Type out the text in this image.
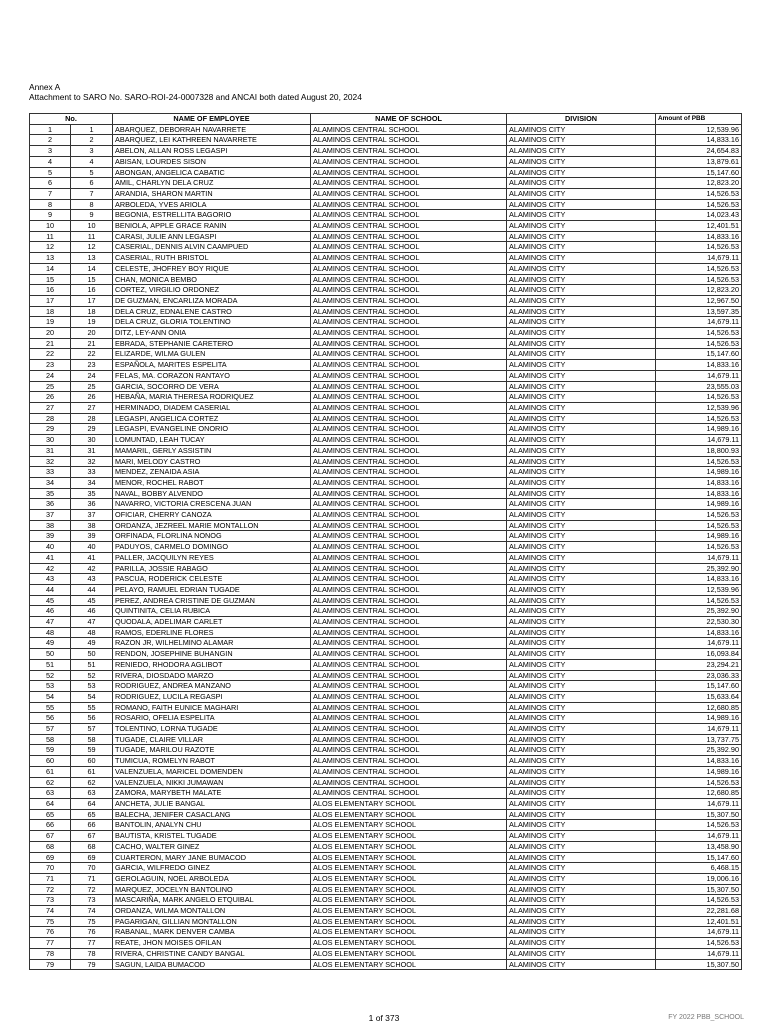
Annex A
Attachment to SARO No. SARO-ROI-24-0007328 and ANCAI both dated August 20, 2024
No.		NAME OF EMPLOYEE	NAME OF SCHOOL	DIVISION	Amount of PBB
1	1	ABARQUEZ, DEBORRAH NAVARRETE	ALAMINOS CENTRAL SCHOOL	ALAMINOS CITY	12,539.96
2	2	ABARQUEZ, LEI KATHREEN NAVARRETE	ALAMINOS CENTRAL SCHOOL	ALAMINOS CITY	14,833.16
3	3	ABELON, ALLAN ROSS LEGASPI	ALAMINOS CENTRAL SCHOOL	ALAMINOS CITY	24,654.83
4	4	ABISAN, LOURDES SISON	ALAMINOS CENTRAL SCHOOL	ALAMINOS CITY	13,879.61
5	5	ABONGAN, ANGELICA CABATIC	ALAMINOS CENTRAL SCHOOL	ALAMINOS CITY	15,147.60
6	6	AMIL, CHARLYN DELA CRUZ	ALAMINOS CENTRAL SCHOOL	ALAMINOS CITY	12,823.20
7	7	ARANDIA, SHARON MARTIN	ALAMINOS CENTRAL SCHOOL	ALAMINOS CITY	14,526.53
8	8	ARBOLEDA, YVES ARIOLA	ALAMINOS CENTRAL SCHOOL	ALAMINOS CITY	14,526.53
9	9	BEGONIA, ESTRELLITA BAGORIO	ALAMINOS CENTRAL SCHOOL	ALAMINOS CITY	14,023.43
10	10	BENIOLA, APPLE GRACE RANIN	ALAMINOS CENTRAL SCHOOL	ALAMINOS CITY	12,401.51
11	11	CARASI, JULIE ANN LEGASPI	ALAMINOS CENTRAL SCHOOL	ALAMINOS CITY	14,833.16
12	12	CASERIAL, DENNIS ALVIN CAAMPUED	ALAMINOS CENTRAL SCHOOL	ALAMINOS CITY	14,526.53
13	13	CASERIAL, RUTH BRISTOL	ALAMINOS CENTRAL SCHOOL	ALAMINOS CITY	14,679.11
14	14	CELESTE, JHOFREY BOY RIQUE	ALAMINOS CENTRAL SCHOOL	ALAMINOS CITY	14,526.53
15	15	CHAN, MONICA BEMBO	ALAMINOS CENTRAL SCHOOL	ALAMINOS CITY	14,526.53
16	16	CORTEZ, VIRGILIO ORDONEZ	ALAMINOS CENTRAL SCHOOL	ALAMINOS CITY	12,823.20
17	17	DE GUZMAN, ENCARLIZA MORADA	ALAMINOS CENTRAL SCHOOL	ALAMINOS CITY	12,967.50
18	18	DELA CRUZ, EDNALENE CASTRO	ALAMINOS CENTRAL SCHOOL	ALAMINOS CITY	13,597.35
19	19	DELA CRUZ, GLORIA TOLENTINO	ALAMINOS CENTRAL SCHOOL	ALAMINOS CITY	14,679.11
20	20	DITZ, LEY-ANN ONIA	ALAMINOS CENTRAL SCHOOL	ALAMINOS CITY	14,526.53
21	21	EBRADA, STEPHANIE CARETERO	ALAMINOS CENTRAL SCHOOL	ALAMINOS CITY	14,526.53
22	22	ELIZARDE, WILMA GULEN	ALAMINOS CENTRAL SCHOOL	ALAMINOS CITY	15,147.60
23	23	ESPAÑOLA, MARITES ESPELITA	ALAMINOS CENTRAL SCHOOL	ALAMINOS CITY	14,833.16
24	24	FELAS, MA. CORAZON RANTAYO	ALAMINOS CENTRAL SCHOOL	ALAMINOS CITY	14,679.11
25	25	GARCIA, SOCORRO DE VERA	ALAMINOS CENTRAL SCHOOL	ALAMINOS CITY	23,555.03
26	26	HEBAÑA, MARIA THERESA RODRIQUEZ	ALAMINOS CENTRAL SCHOOL	ALAMINOS CITY	14,526.53
27	27	HERMINADO, DIADEM CASERIAL	ALAMINOS CENTRAL SCHOOL	ALAMINOS CITY	12,539.96
28	28	LEGASPI, ANGELICA CORTEZ	ALAMINOS CENTRAL SCHOOL	ALAMINOS CITY	14,526.53
29	29	LEGASPI, EVANGELINE ONORIO	ALAMINOS CENTRAL SCHOOL	ALAMINOS CITY	14,989.16
30	30	LOMUNTAD, LEAH TUCAY	ALAMINOS CENTRAL SCHOOL	ALAMINOS CITY	14,679.11
31	31	MAMARIL, GERLY ASSISTIN	ALAMINOS CENTRAL SCHOOL	ALAMINOS CITY	18,800.93
32	32	MARI, MELODY CASTRO	ALAMINOS CENTRAL SCHOOL	ALAMINOS CITY	14,526.53
33	33	MENDEZ, ZENAIDA ASIA	ALAMINOS CENTRAL SCHOOL	ALAMINOS CITY	14,989.16
34	34	MENOR, ROCHEL RABOT	ALAMINOS CENTRAL SCHOOL	ALAMINOS CITY	14,833.16
35	35	NAVAL, BOBBY ALVENDO	ALAMINOS CENTRAL SCHOOL	ALAMINOS CITY	14,833.16
36	36	NAVARRO, VICTORIA CRESCENA JUAN	ALAMINOS CENTRAL SCHOOL	ALAMINOS CITY	14,989.16
37	37	OFICIAR, CHERRY CANOZA	ALAMINOS CENTRAL SCHOOL	ALAMINOS CITY	14,526.53
38	38	ORDANZA, JEZREEL MARIE MONTALLON	ALAMINOS CENTRAL SCHOOL	ALAMINOS CITY	14,526.53
39	39	ORFINADA, FLORLINA NONOG	ALAMINOS CENTRAL SCHOOL	ALAMINOS CITY	14,989.16
40	40	PADUYOS, CARMELO DOMINGO	ALAMINOS CENTRAL SCHOOL	ALAMINOS CITY	14,526.53
41	41	PALLER, JACQUILYN REYES	ALAMINOS CENTRAL SCHOOL	ALAMINOS CITY	14,679.11
42	42	PARILLA, JOSSIE RABAGO	ALAMINOS CENTRAL SCHOOL	ALAMINOS CITY	25,392.90
43	43	PASCUA, RODERICK CELESTE	ALAMINOS CENTRAL SCHOOL	ALAMINOS CITY	14,833.16
44	44	PELAYO, RAMUEL EDRIAN TUGADE	ALAMINOS CENTRAL SCHOOL	ALAMINOS CITY	12,539.96
45	45	PEREZ, ANDREA CRISTINE DE GUZMAN	ALAMINOS CENTRAL SCHOOL	ALAMINOS CITY	14,526.53
46	46	QUINTINITA, CELIA RUBICA	ALAMINOS CENTRAL SCHOOL	ALAMINOS CITY	25,392.90
47	47	QUODALA, ADELIMAR CARLET	ALAMINOS CENTRAL SCHOOL	ALAMINOS CITY	22,530.30
48	48	RAMOS, EDERLINE FLORES	ALAMINOS CENTRAL SCHOOL	ALAMINOS CITY	14,833.16
49	49	RAZON JR, WILHELMINO ALAMAR	ALAMINOS CENTRAL SCHOOL	ALAMINOS CITY	14,679.11
50	50	RENDON, JOSEPHINE BUHANGIN	ALAMINOS CENTRAL SCHOOL	ALAMINOS CITY	16,093.84
51	51	RENIEDO, RHODORA AGLIBOT	ALAMINOS CENTRAL SCHOOL	ALAMINOS CITY	23,294.21
52	52	RIVERA, DIOSDADO MARZO	ALAMINOS CENTRAL SCHOOL	ALAMINOS CITY	23,036.33
53	53	RODRIGUEZ, ANDREA MANZANO	ALAMINOS CENTRAL SCHOOL	ALAMINOS CITY	15,147.60
54	54	RODRIGUEZ, LUCILA REGASPI	ALAMINOS CENTRAL SCHOOL	ALAMINOS CITY	15,633.64
55	55	ROMANO, FAITH EUNICE MAGHARI	ALAMINOS CENTRAL SCHOOL	ALAMINOS CITY	12,680.85
56	56	ROSARIO, OFELIA ESPELITA	ALAMINOS CENTRAL SCHOOL	ALAMINOS CITY	14,989.16
57	57	TOLENTINO, LORNA TUGADE	ALAMINOS CENTRAL SCHOOL	ALAMINOS CITY	14,679.11
58	58	TUGADE, CLAIRE VILLAR	ALAMINOS CENTRAL SCHOOL	ALAMINOS CITY	13,737.75
59	59	TUGADE, MARILOU RAZOTE	ALAMINOS CENTRAL SCHOOL	ALAMINOS CITY	25,392.90
60	60	TUMICUA, ROMELYN RABOT	ALAMINOS CENTRAL SCHOOL	ALAMINOS CITY	14,833.16
61	61	VALENZUELA, MARICEL DOMENDEN	ALAMINOS CENTRAL SCHOOL	ALAMINOS CITY	14,989.16
62	62	VALENZUELA, NIKKI JUMAWAN	ALAMINOS CENTRAL SCHOOL	ALAMINOS CITY	14,526.53
63	63	ZAMORA, MARYBETH MALATE	ALAMINOS CENTRAL SCHOOL	ALAMINOS CITY	12,680.85
64	64	ANCHETA, JULIE BANGAL	ALOS ELEMENTARY SCHOOL	ALAMINOS CITY	14,679.11
65	65	BALECHA, JENIFER CASACLANG	ALOS ELEMENTARY SCHOOL	ALAMINOS CITY	15,307.50
66	66	BANTOLIN, ANALYN CHU	ALOS ELEMENTARY SCHOOL	ALAMINOS CITY	14,526.53
67	67	BAUTISTA, KRISTEL TUGADE	ALOS ELEMENTARY SCHOOL	ALAMINOS CITY	14,679.11
68	68	CACHO, WALTER GINEZ	ALOS ELEMENTARY SCHOOL	ALAMINOS CITY	13,458.90
69	69	CUARTERON, MARY JANE BUMACOD	ALOS ELEMENTARY SCHOOL	ALAMINOS CITY	15,147.60
70	70	GARCIA, WILFREDO GINEZ	ALOS ELEMENTARY SCHOOL	ALAMINOS CITY	6,468.15
71	71	GEROLAGUIN, NOEL ARBOLEDA	ALOS ELEMENTARY SCHOOL	ALAMINOS CITY	19,006.16
72	72	MARQUEZ, JOCELYN BANTOLINO	ALOS ELEMENTARY SCHOOL	ALAMINOS CITY	15,307.50
73	73	MASCARIÑA, MARK ANGELO ETQUIBAL	ALOS ELEMENTARY SCHOOL	ALAMINOS CITY	14,526.53
74	74	ORDANZA, WILMA MONTALLON	ALOS ELEMENTARY SCHOOL	ALAMINOS CITY	22,281.68
75	75	PAGARIGAN, GILLIAN MONTALLON	ALOS ELEMENTARY SCHOOL	ALAMINOS CITY	12,401.51
76	76	RABANAL, MARK DENVER CAMBA	ALOS ELEMENTARY SCHOOL	ALAMINOS CITY	14,679.11
77	77	REATE, JHON MOISES OFILAN	ALOS ELEMENTARY SCHOOL	ALAMINOS CITY	14,526.53
78	78	RIVERA, CHRISTINE CANDY BANGAL	ALOS ELEMENTARY SCHOOL	ALAMINOS CITY	14,679.11
79	79	SAGUN, LAIDA BUMACOD	ALOS ELEMENTARY SCHOOL	ALAMINOS CITY	15,307.50
1 of 373	FY 2022 PBB_SCHOOL
